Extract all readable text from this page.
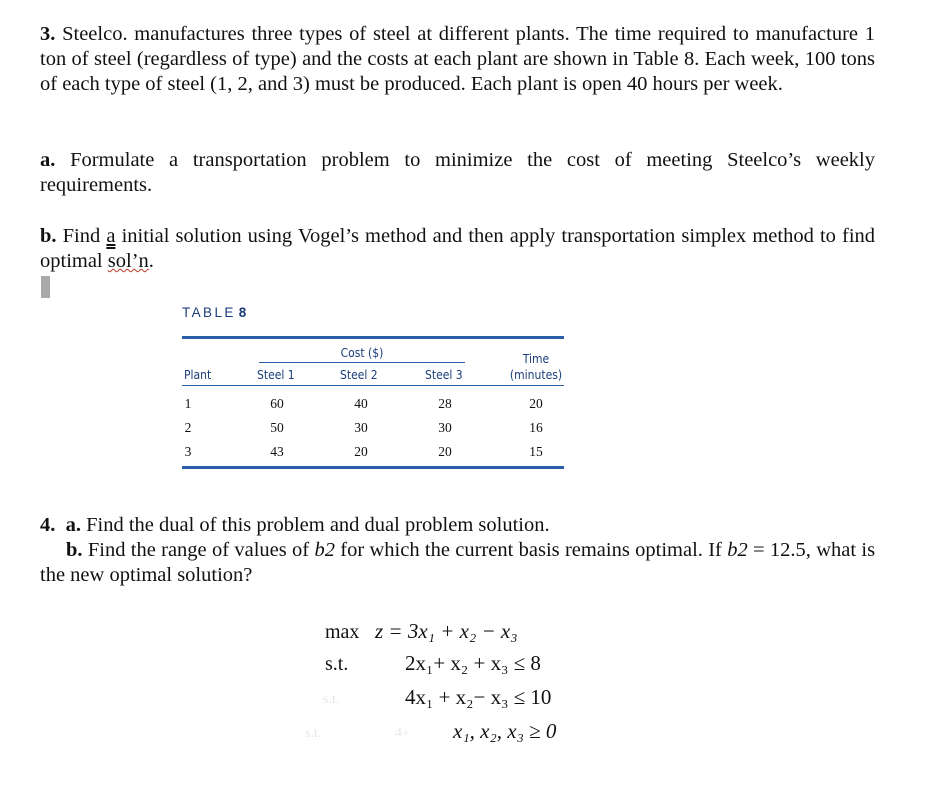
3. Steelco. manufactures three types of steel at different plants. The time required to manufacture 1 ton of steel (regardless of type) and the costs at each plant are shown in Table 8. Each week, 100 tons of each type of steel (1, 2, and 3) must be produced. Each plant is open 40 hours per week.
a. Formulate a transportation problem to minimize the cost of meeting Steelco’s weekly requirements.
b. Find a initial solution using Vogel’s method and then apply transportation simplex method to find optimal sol’n.
TABLE 8
Cost ($)
Plant	Steel 1	Steel 2	Steel 3
Time
(minutes)
1	60	40	28	20
2	50	30	30	16
3	43	20	20	15
4. a. Find the dual of this problem and dual problem solution.
b. Find the range of values of b2 for which the current basis remains optimal. If b2 = 12.5, what is the new optimal solution?
s.t.
s.t.	4+
max z = 3x₁ + x₂ − x₃
s.t.	2x₁+ x₂ + x₃ ≤ 8
4x₁ + x₂− x₃ ≤ 10
x₁, x₂, x₃ ≥ 0
